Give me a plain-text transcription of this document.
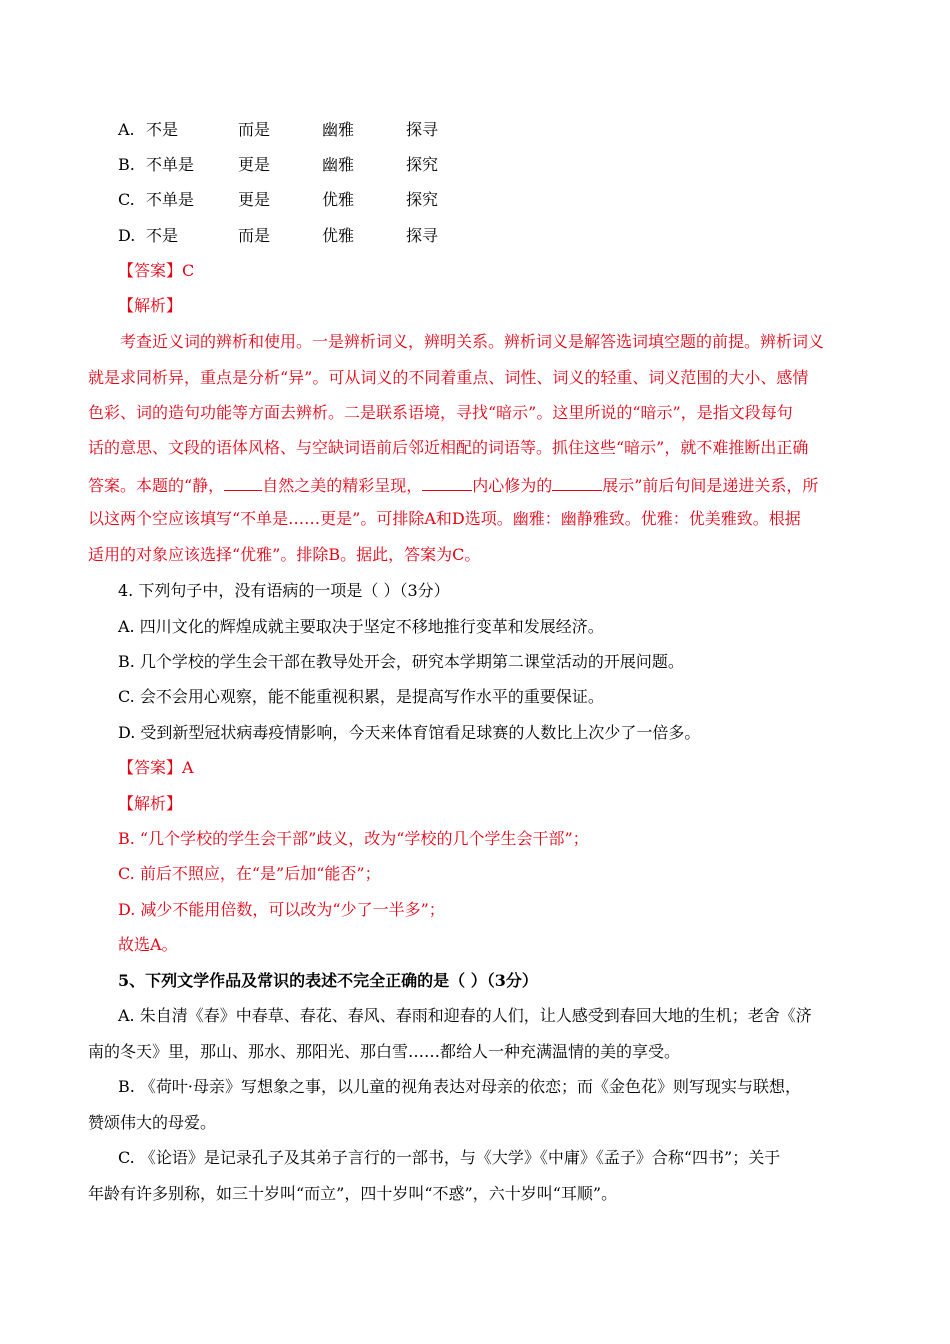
A. 不是	而是	幽雅	探寻
B. 不单是	更是	幽雅	探究
C. 不单是	更是	优雅	探究
D. 不是	而是	优雅	探寻
【答案】C
【解析】
考查近义词的辨析和使用。一是辨析词义，辨明关系。辨析词义是解答选词填空题的前提。辨析词义
就是求同析异，重点是分析“异”。可从词义的不同着重点、词性、词义的轻重、词义范围的大小、感情
色彩、词的造句功能等方面去辨析。二是联系语境，寻找“暗示”。这里所说的“暗示”，是指文段每句
话的意思、文段的语体风格、与空缺词语前后邻近相配的词语等。抓住这些“暗示”，就不难推断出正确
答案。本题的“静， 自然之美的精彩呈现，	内心修为的	展示”前后句间是递进关系，所
以这两个空应该填写“不单是……更是”。可排除A和D选项。幽雅：幽静雅致。优雅：优美雅致。根据
适用的对象应该选择“优雅”。排除B。据此，答案为C。
4. 下列句子中，没有语病的一项是（ ）（3分）
A. 四川文化的辉煌成就主要取决于坚定不移地推行变革和发展经济。
B. 几个学校的学生会干部在教导处开会，研究本学期第二课堂活动的开展问题。
C. 会不会用心观察，能不能重视积累，是提高写作水平的重要保证。
D. 受到新型冠状病毒疫情影响，今天来体育馆看足球赛的人数比上次少了一倍多。
【答案】A
【解析】
B. “几个学校的学生会干部”歧义，改为“学校的几个学生会干部”；
C. 前后不照应，在“是”后加“能否”；
D. 减少不能用倍数，可以改为“少了一半多”；
故选A。
5、下列文学作品及常识的表述不完全正确的是（ ）（3分）
A. 朱自清《春》中春草、春花、春风、春雨和迎春的人们，让人感受到春回大地的生机；老舍《济
南的冬天》里，那山、那水、那阳光、那白雪……都给人一种充满温情的美的享受。
B. 《荷叶·母亲》写想象之事，以儿童的视角表达对母亲的依恋；而《金色花》则写现实与联想，
赞颂伟大的母爱。
C. 《论语》是记录孔子及其弟子言行的一部书，与《大学》《中庸》《孟子》合称“四书”；关于
年龄有许多别称，如三十岁叫“而立”，四十岁叫“不惑”，六十岁叫“耳顺”。
